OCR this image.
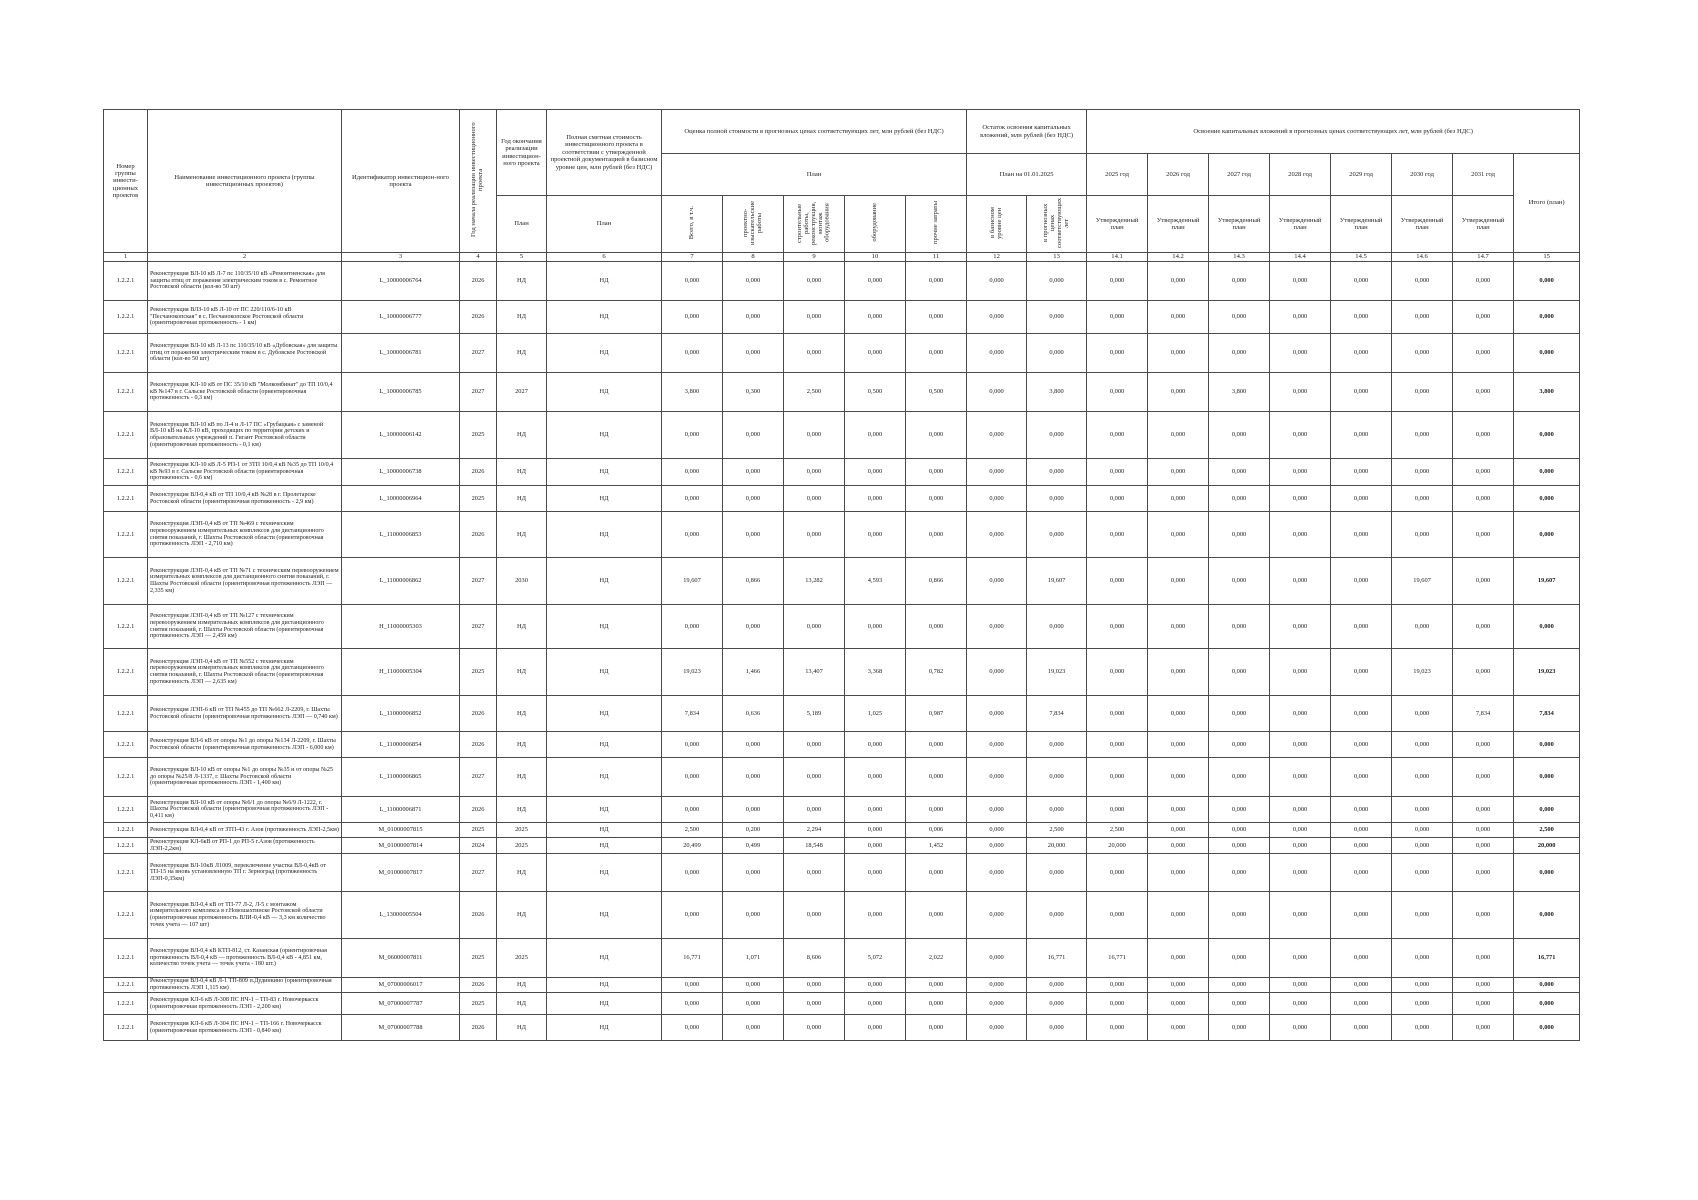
Номер группы инвести-ционных проектов	Наименование инвестиционного проекта (группы инвестиционных проектов)	Идентификатор инвестицион-ного проекта	Год начала реализации инвестиционного проекта	Год окончания реализации инвестицион-ного проекта	Полная сметная стоимость инвестиционного проекта в соответствии с утвержденной проектной документацией в базисном уровне цен, млн рублей (без НДС)	Оценка полной стоимости в прогнозных ценах соответствующих лет, млн рублей (без НДС)					Остаток освоения капитальных вложений, млн рублей (без НДС)		Освоение капитальных вложений в прогнозных ценах соответствующих лет, млн рублей (без НДС)							
						План					План на 01.01.2025		2025 год	2026 год	2027 год	2028 год	2029 год	2030 год	2031 год	Итого (план)
				План	План	Всего, в т.ч.	проектно-изыскательские работы	строительные работы, реконструкция, монтаж оборудования	оборудование	прочие затраты	в базисном уровне цен	в прогнозных ценах соответствующих лет	Утвержденный план	Утвержденный план	Утвержденный план	Утвержденный план	Утвержденный план	Утвержденный план	Утвержденный план	
1	2	3	4	5	6	7	8	9	10	11	12	13	14.1	14.2	14.3	14.4	14.5	14.6	14.7	15
1.2.2.1	Реконструкция ВЛ-10 кВ Л-7 пс 110/35/10 кВ «Ремонтненская» для защиты птиц от поражения электрическим током в с. Ремонтное Ростовской области (кол-во 50 шт)	L_10000006764	2026	НД	НД	0,000	0,000	0,000	0,000	0,000	0,000	0,000	0,000	0,000	0,000	0,000	0,000	0,000	0,000	0,000
1.2.2.1	Реконструкция ВЛЗ-10 кВ Л-10 от ПС 220/110/6-10 кВ "Песчанокопская" в с. Песчанокопское Ростовской области (ориентировочная протяженность - 1 км)	L_10000006777	2026	НД	НД	0,000	0,000	0,000	0,000	0,000	0,000	0,000	0,000	0,000	0,000	0,000	0,000	0,000	0,000	0,000
1.2.2.1	Реконструкция ВЛ-10 кВ Л-13 пс 110/35/10 кВ «Дубовская» для защиты птиц от поражения электрическим током в с. Дубовское Ростовской области (кол-во 50 шт)	L_10000006781	2027	НД	НД	0,000	0,000	0,000	0,000	0,000	0,000	0,000	0,000	0,000	0,000	0,000	0,000	0,000	0,000	0,000
1.2.2.1	Реконструкция КЛ-10 кВ от ПС 35/10 кВ "Молкомбинат" до ТП 10/0,4 кВ №147 в г. Сальске Ростовской области (ориентировочная протяженность - 0,3 км)	L_10000006785	2027	2027	НД	3,800	0,300	2,500	0,500	0,500	0,000	3,800	0,000	0,000	3,800	0,000	0,000	0,000	0,000	3,800
1.2.2.1	Реконструкция ВЛ-10 кВ по Л-4 и Л-17 ПС «Грубацкая» с заменой ВЛ-10 кВ на КЛ-10 кВ, проходящих по территории детских и образовательных учреждений п. Гигант Ростовской области (ориентировочная протяженность - 0,1 км)	L_10000006142	2025	НД	НД	0,000	0,000	0,000	0,000	0,000	0,000	0,000	0,000	0,000	0,000	0,000	0,000	0,000	0,000	0,000
1.2.2.1	Реконструкция КЛ-10 кВ Л-5 РП-1 от ЗТП 10/0,4 кВ №35 до ТП 10/0,4 кВ №93 в г. Сальске Ростовской области (ориентировочная протяженность - 0,6 км)	L_10000006738	2026	НД	НД	0,000	0,000	0,000	0,000	0,000	0,000	0,000	0,000	0,000	0,000	0,000	0,000	0,000	0,000	0,000
1.2.2.1	Реконструкция ВЛ-0,4 кВ от ТП 10/0,4 кВ №28 в г. Пролетарске Ростовской области (ориентировочная протяженность - 2,9 км)	L_10000006964	2025	НД	НД	0,000	0,000	0,000	0,000	0,000	0,000	0,000	0,000	0,000	0,000	0,000	0,000	0,000	0,000	0,000
1.2.2.1	Реконструкция ЛЭП-0,4 кВ от ТП №469 с техническим перевооружением измерительных комплексов для дистанционного снятия показаний, г. Шахты Ростовской области (ориентировочная протяженность ЛЭП - 2,710 км)	L_11000006853	2026	НД	НД	0,000	0,000	0,000	0,000	0,000	0,000	0,000	0,000	0,000	0,000	0,000	0,000	0,000	0,000	0,000
1.2.2.1	Реконструкция ЛЭП-0,4 кВ от ТП №71 с техническим перевооружением измерительных комплексов для дистанционного снятия показаний, г. Шахты Ростовской области (ориентировочная протяженность ЛЭП — 2,335 км)	L_11000006862	2027	2030	НД	19,607	0,866	13,282	4,593	0,866	0,000	19,607	0,000	0,000	0,000	0,000	0,000	19,607	0,000	19,607
1.2.2.1	Реконструкция ЛЭП-0,4 кВ от ТП №127 с техническим перевооружением измерительных комплексов для дистанционного снятия показаний, г. Шахты Ростовской области (ориентировочная протяженность ЛЭП — 2,459 км)	H_11000005303	2027	НД	НД	0,000	0,000	0,000	0,000	0,000	0,000	0,000	0,000	0,000	0,000	0,000	0,000	0,000	0,000	0,000
1.2.2.1	Реконструкция ЛЭП-0,4 кВ от ТП №552 с техническим перевооружением измерительных комплексов для дистанционного снятия показаний, г. Шахты Ростовской области (ориентировочная протяженность ЛЭП — 2,635 км)	H_11000005304	2025	НД	НД	19,023	1,466	13,407	3,368	0,782	0,000	19,023	0,000	0,000	0,000	0,000	0,000	19,023	0,000	19,023
1.2.2.1	Реконструкция ЛЭП-6 кВ от ТП №455 до ТП №662 Л-2209, г. Шахты Ростовской области (ориентировочная протяженность ЛЭП — 0,740 км)	L_11000006852	2026	НД	НД	7,834	0,636	5,189	1,025	0,987	0,000	7,834	0,000	0,000	0,000	0,000	0,000	0,000	7,834	7,834
1.2.2.1	Реконструкция ВЛ-6 кВ от опоры №1 до опоры №134 Л-2209, г. Шахты Ростовской области (ориентировочная протяженность ЛЭП - 6,000 км)	L_11000006854	2026	НД	НД	0,000	0,000	0,000	0,000	0,000	0,000	0,000	0,000	0,000	0,000	0,000	0,000	0,000	0,000	0,000
1.2.2.1	Реконструкция ВЛ-10 кВ от опоры №1 до опоры №35 и от опоры №25 до опоры №25/8 Л-1337, г. Шахты Ростовской области (ориентировочная протяженность ЛЭП - 1,400 км)	L_11000006865	2027	НД	НД	0,000	0,000	0,000	0,000	0,000	0,000	0,000	0,000	0,000	0,000	0,000	0,000	0,000	0,000	0,000
1.2.2.1	Реконструкция ВЛ-10 кВ от опоры №6/1 до опоры №6/9 Л-1222, г. Шахты Ростовской области (ориентировочная протяженность ЛЭП - 0,411 км)	L_11000006871	2026	НД	НД	0,000	0,000	0,000	0,000	0,000	0,000	0,000	0,000	0,000	0,000	0,000	0,000	0,000	0,000	0,000
1.2.2.1	Реконструкция ВЛ-0,4 кВ от ЗТП-43 г. Азов (протяженность ЛЭП-2,5км)	M_01000007815	2025	2025	НД	2,500	0,200	2,294	0,000	0,006	0,000	2,500	2,500	0,000	0,000	0,000	0,000	0,000	0,000	2,500
1.2.2.1	Реконструкция КЛ-6кВ от РП-1 до РП-5 г.Азов (протяженность ЛЭП-2,2км)	M_01000007814	2024	2025	НД	20,499	0,499	18,548	0,000	1,452	0,000	20,000	20,000	0,000	0,000	0,000	0,000	0,000	0,000	20,000
1.2.2.1	Реконструкция ВЛ-10кВ Л1009, переключение участка ВЛ-0,4кВ от ТП-15 на вновь установленную ТП г. Зерноград (протяженность ЛЭП-0,35км)	M_01000007817	2027	НД	НД	0,000	0,000	0,000	0,000	0,000	0,000	0,000	0,000	0,000	0,000	0,000	0,000	0,000	0,000	0,000
1.2.2.1	Реконструкция ВЛ-0,4 кВ от ТП-77 Л-2, Л-5 с монтажом измерительного комплекса в г.Новошахтинске Ростовской области (ориентировочная протяженность ВЛИ-0,4 кВ — 3,3 км количество точек учета — 107 шт)	L_13000005504	2026	НД	НД	0,000	0,000	0,000	0,000	0,000	0,000	0,000	0,000	0,000	0,000	0,000	0,000	0,000	0,000	0,000
1.2.2.1	Реконструкция ВЛ-0,4 кВ КТП-812, ст. Казанская (ориентировочная протяженность ВЛ-0,4 кВ — протяженность ВЛ-0,4 кВ - 4,851 км, количество точек учета — точек учета - 180 шт.)	M_06000007811	2025	2025	НД	16,771	1,071	8,606	5,072	2,022	0,000	16,771	16,771	0,000	0,000	0,000	0,000	0,000	0,000	16,771
1.2.2.1	Реконструкция ВЛ-0,4 кВ Л-1 ТП-809 п.Дудинкино (ориентировочная протяженность ЛЭП 1,115 км)	M_07000006017	2026	НД	НД	0,000	0,000	0,000	0,000	0,000	0,000	0,000	0,000	0,000	0,000	0,000	0,000	0,000	0,000	0,000
1.2.2.1	Реконструкция КЛ-6 кВ Л-308 ПС НЧ-1 – ТП-83 г. Новочеркасск (ориентировочная протяженность ЛЭП - 2,200 км)	M_07000007787	2025	НД	НД	0,000	0,000	0,000	0,000	0,000	0,000	0,000	0,000	0,000	0,000	0,000	0,000	0,000	0,000	0,000
1.2.2.1	Реконструкция КЛ-6 кВ Л-304 ПС НЧ-1 – ТП-166 г. Новочеркасск (ориентировочная протяженность ЛЭП - 0,840 км)	M_07000007788	2026	НД	НД	0,000	0,000	0,000	0,000	0,000	0,000	0,000	0,000	0,000	0,000	0,000	0,000	0,000	0,000	0,000
